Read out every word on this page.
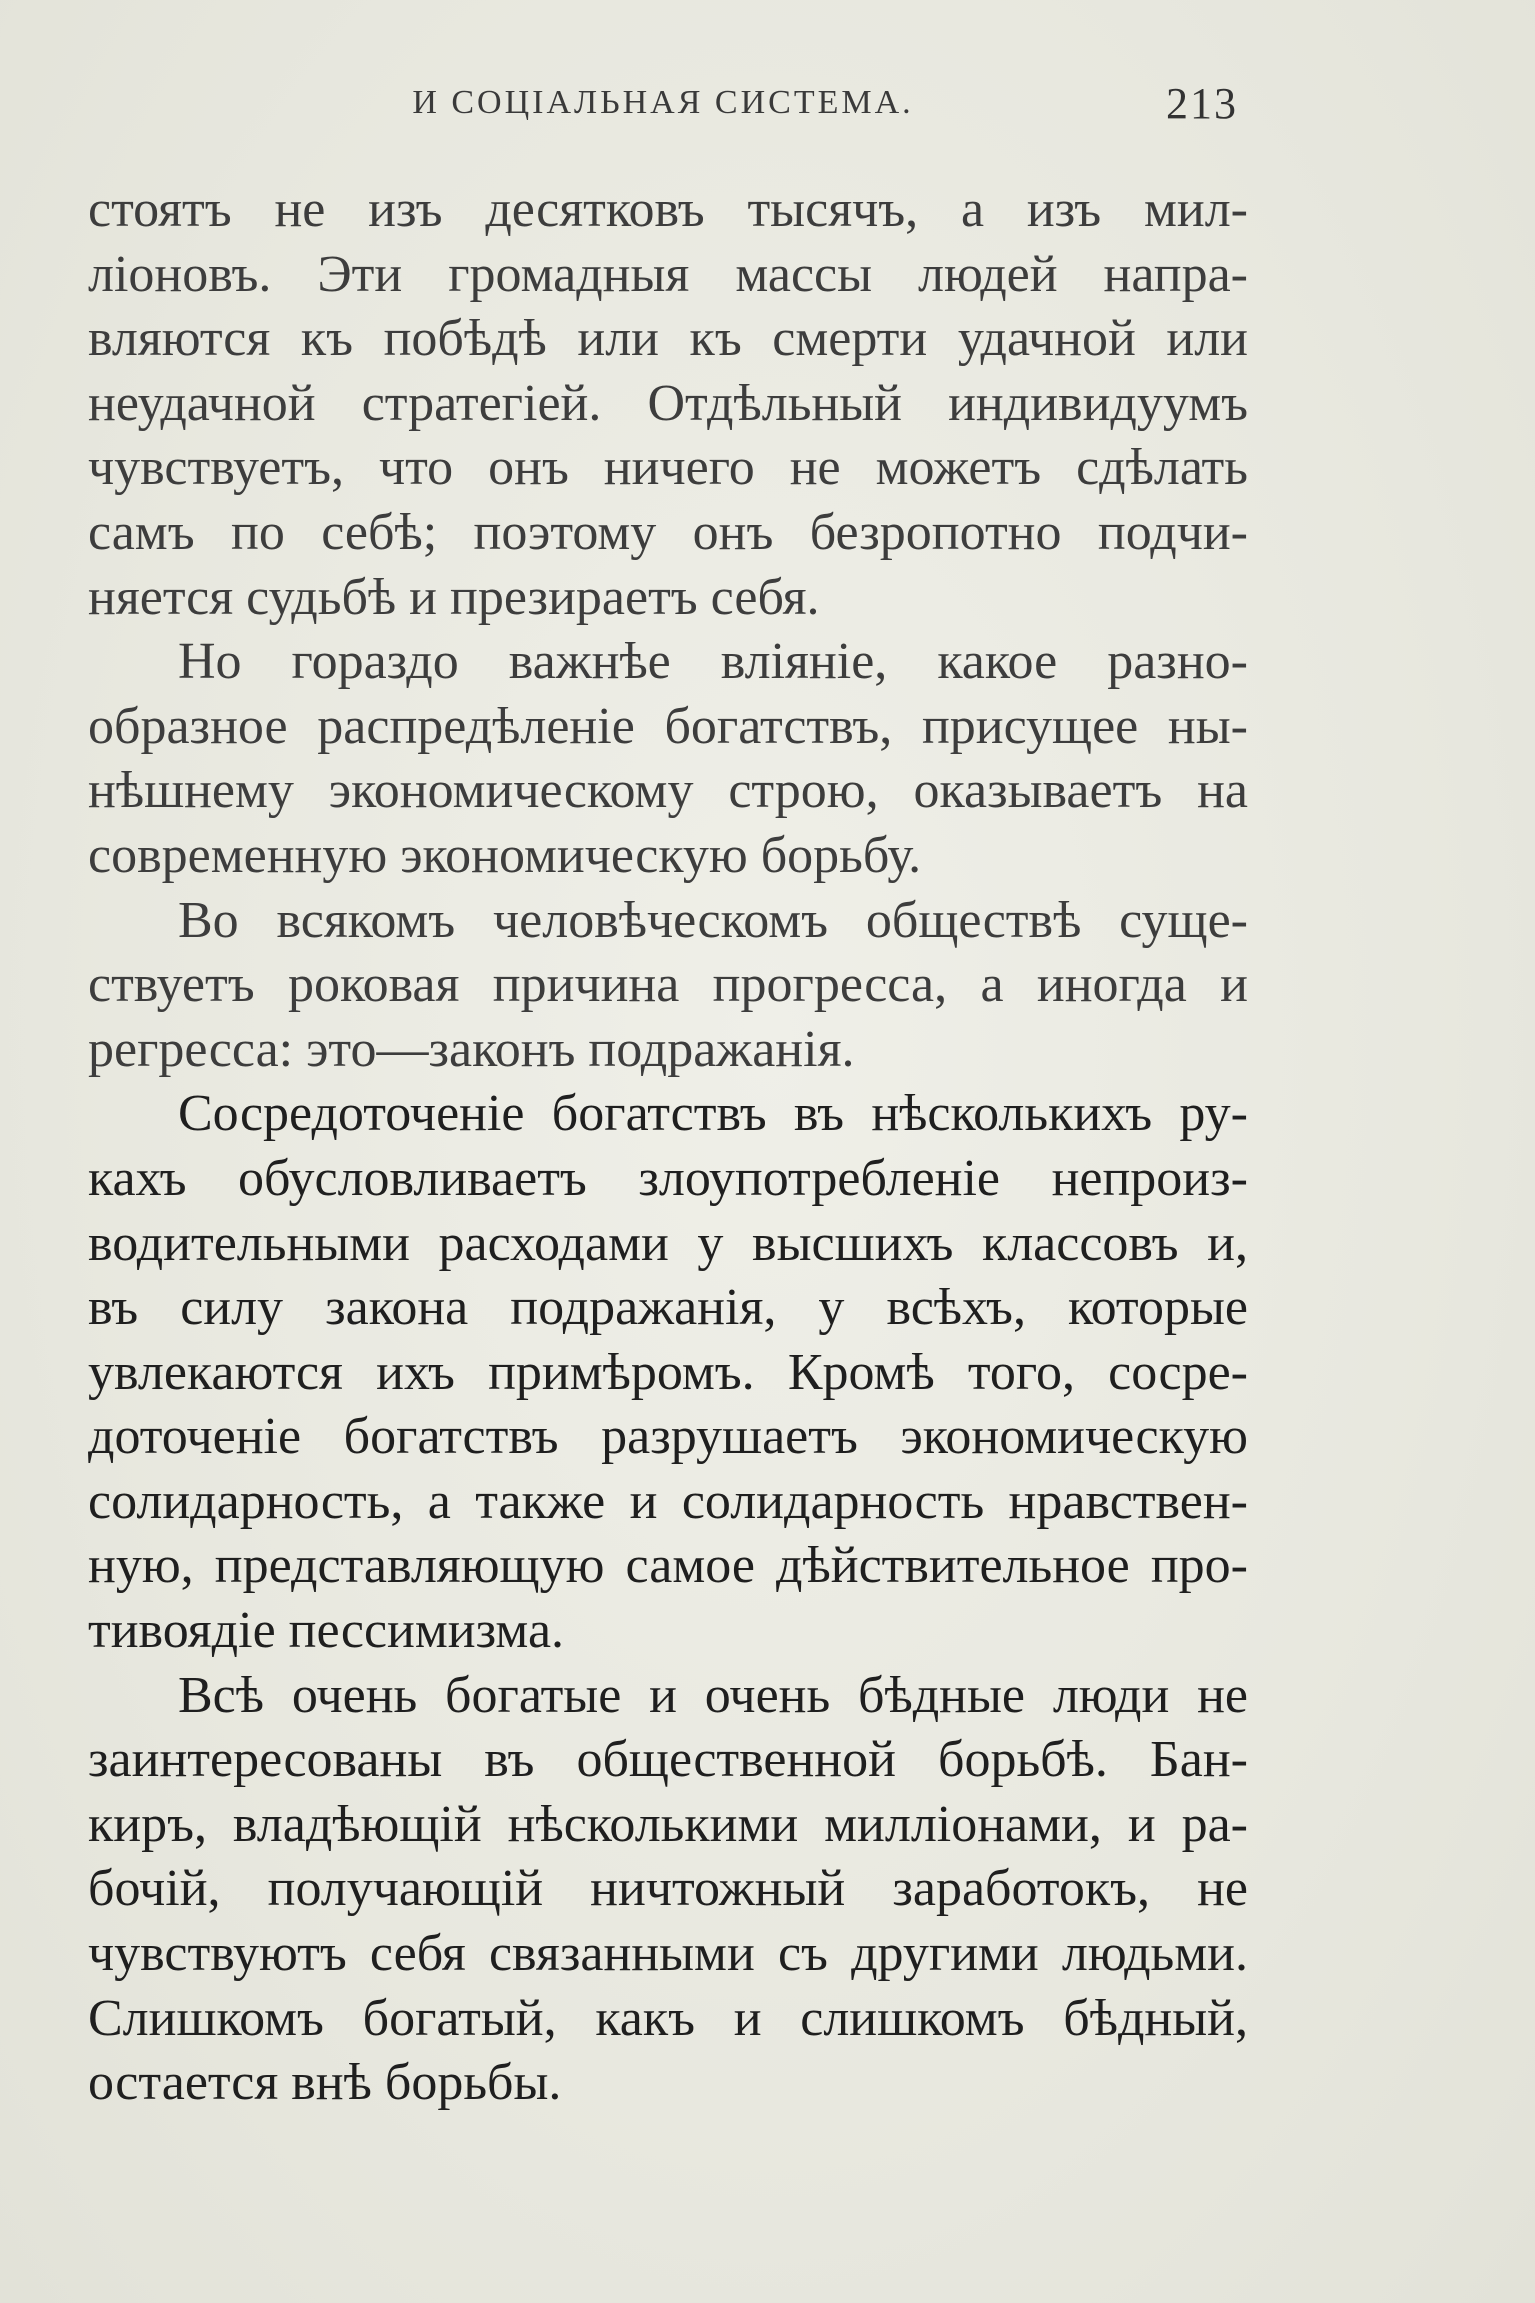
И СОЦІАЛЬНАЯ СИСТЕМА.	213

стоятъ не изъ десятковъ тысячъ, а изъ мил-
ліоновъ. Эти громадныя массы людей напра-
вляются къ побѣдѣ или къ смерти удачной или
неудачной стратегіей. Отдѣльный индивидуумъ
чувствуетъ, что онъ ничего не можетъ сдѣлать
самъ по себѣ; поэтому онъ безропотно подчи-
няется судьбѣ и презираетъ себя.

Но гораздо важнѣе вліяніе, какое разно-
образное распредѣленіе богатствъ, присущее ны-
нѣшнему экономическому строю, оказываетъ на
современную экономическую борьбу.

Во всякомъ человѣческомъ обществѣ суще-
ствуетъ роковая причина прогресса, а иногда и
регресса: это—законъ подражанія.

Сосредоточеніе богатствъ въ нѣсколькихъ ру-
кахъ обусловливаетъ злоупотребленіе непроиз-
водительными расходами у высшихъ классовъ и,
въ силу закона подражанія, у всѣхъ, которые
увлекаются ихъ примѣромъ. Кромѣ того, сосре-
доточеніе богатствъ разрушаетъ экономическую
солидарность, а также и солидарность нравствен-
ную, представляющую самое дѣйствительное про-
тивоядіе пессимизма.

Всѣ очень богатые и очень бѣдные люди не
заинтересованы въ общественной борьбѣ. Бан-
киръ, владѣющій нѣсколькими милліонами, и ра-
бочій, получающій ничтожный заработокъ, не
чувствуютъ себя связанными съ другими людьми.
Слишкомъ богатый, какъ и слишкомъ бѣдный,
остается внѣ борьбы.
